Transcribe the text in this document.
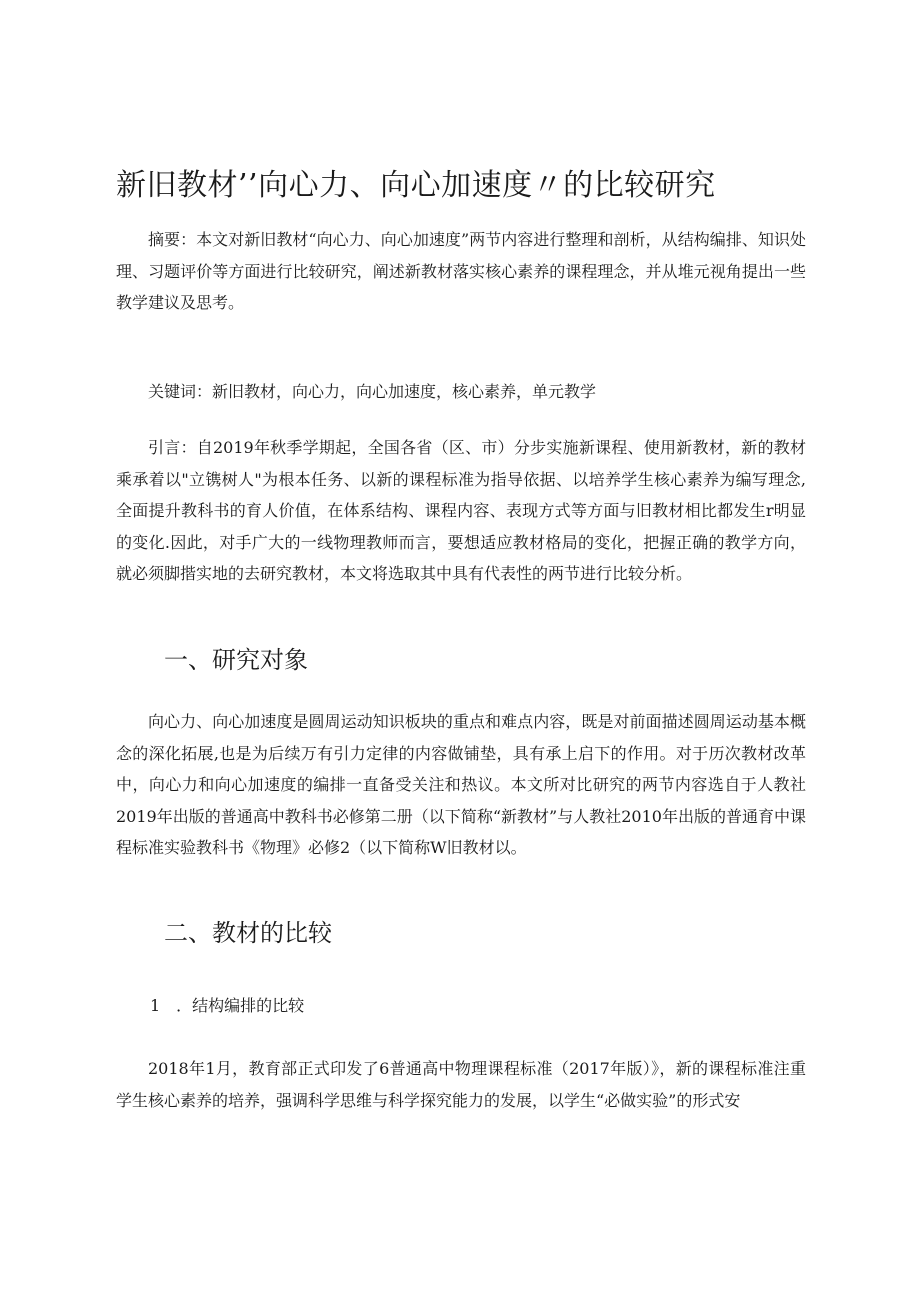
新旧教材’’向心力、向心加速度〃的比较研究

摘要：本文对新旧教材“向心力、向心加速度”两节内容进行整理和剖析，从结构编排、知识处理、习题评价等方面进行比较研究，阐述新教材落实核心素养的课程理念，并从堆元视角提出一些教学建议及思考。

关键词：新旧教材，向心力，向心加速度，核心素养，单元教学

引言：自2019年秋季学期起，全国各省（区、市）分步实施新课程、使用新教材，新的教材乘承着以"立镌树人"为根本任务、以新的课程标准为指导依据、以培养学生核心素养为编写理念,全面提升教科书的育人价值，在体系结构、课程内容、表现方式等方面与旧教材相比都发生r明显的变化.因此，对手广大的一线物理教师而言，要想适应教材格局的变化，把握正确的教学方向，就必须脚揩实地的去研究教材，本文将选取其中具有代表性的两节进行比较分析。

一、研究对象

向心力、向心加速度是圆周运动知识板块的重点和难点内容，既是对前面描述圆周运动基本概念的深化拓展,也是为后续万有引力定律的内容做铺垫，具有承上启下的作用。对于历次教材改革中，向心力和向心加速度的编排一直备受关注和热议。本文所对比研究的两节内容选自于人教社2019年出版的普通高中教科书必修第二册（以下简称“新教材”与人教社2010年出版的普通育中课程标准实验教科书《物理》必修2（以下简称W旧教材以。

二、教材的比较

1　．结构编排的比较

2018年1月，教育部正式印发了6普通高中物理课程标准（2017年版）》，新的课程标准注重学生核心素养的培养，强调科学思维与科学探究能力的发展，以学生“必做实验”的形式安
